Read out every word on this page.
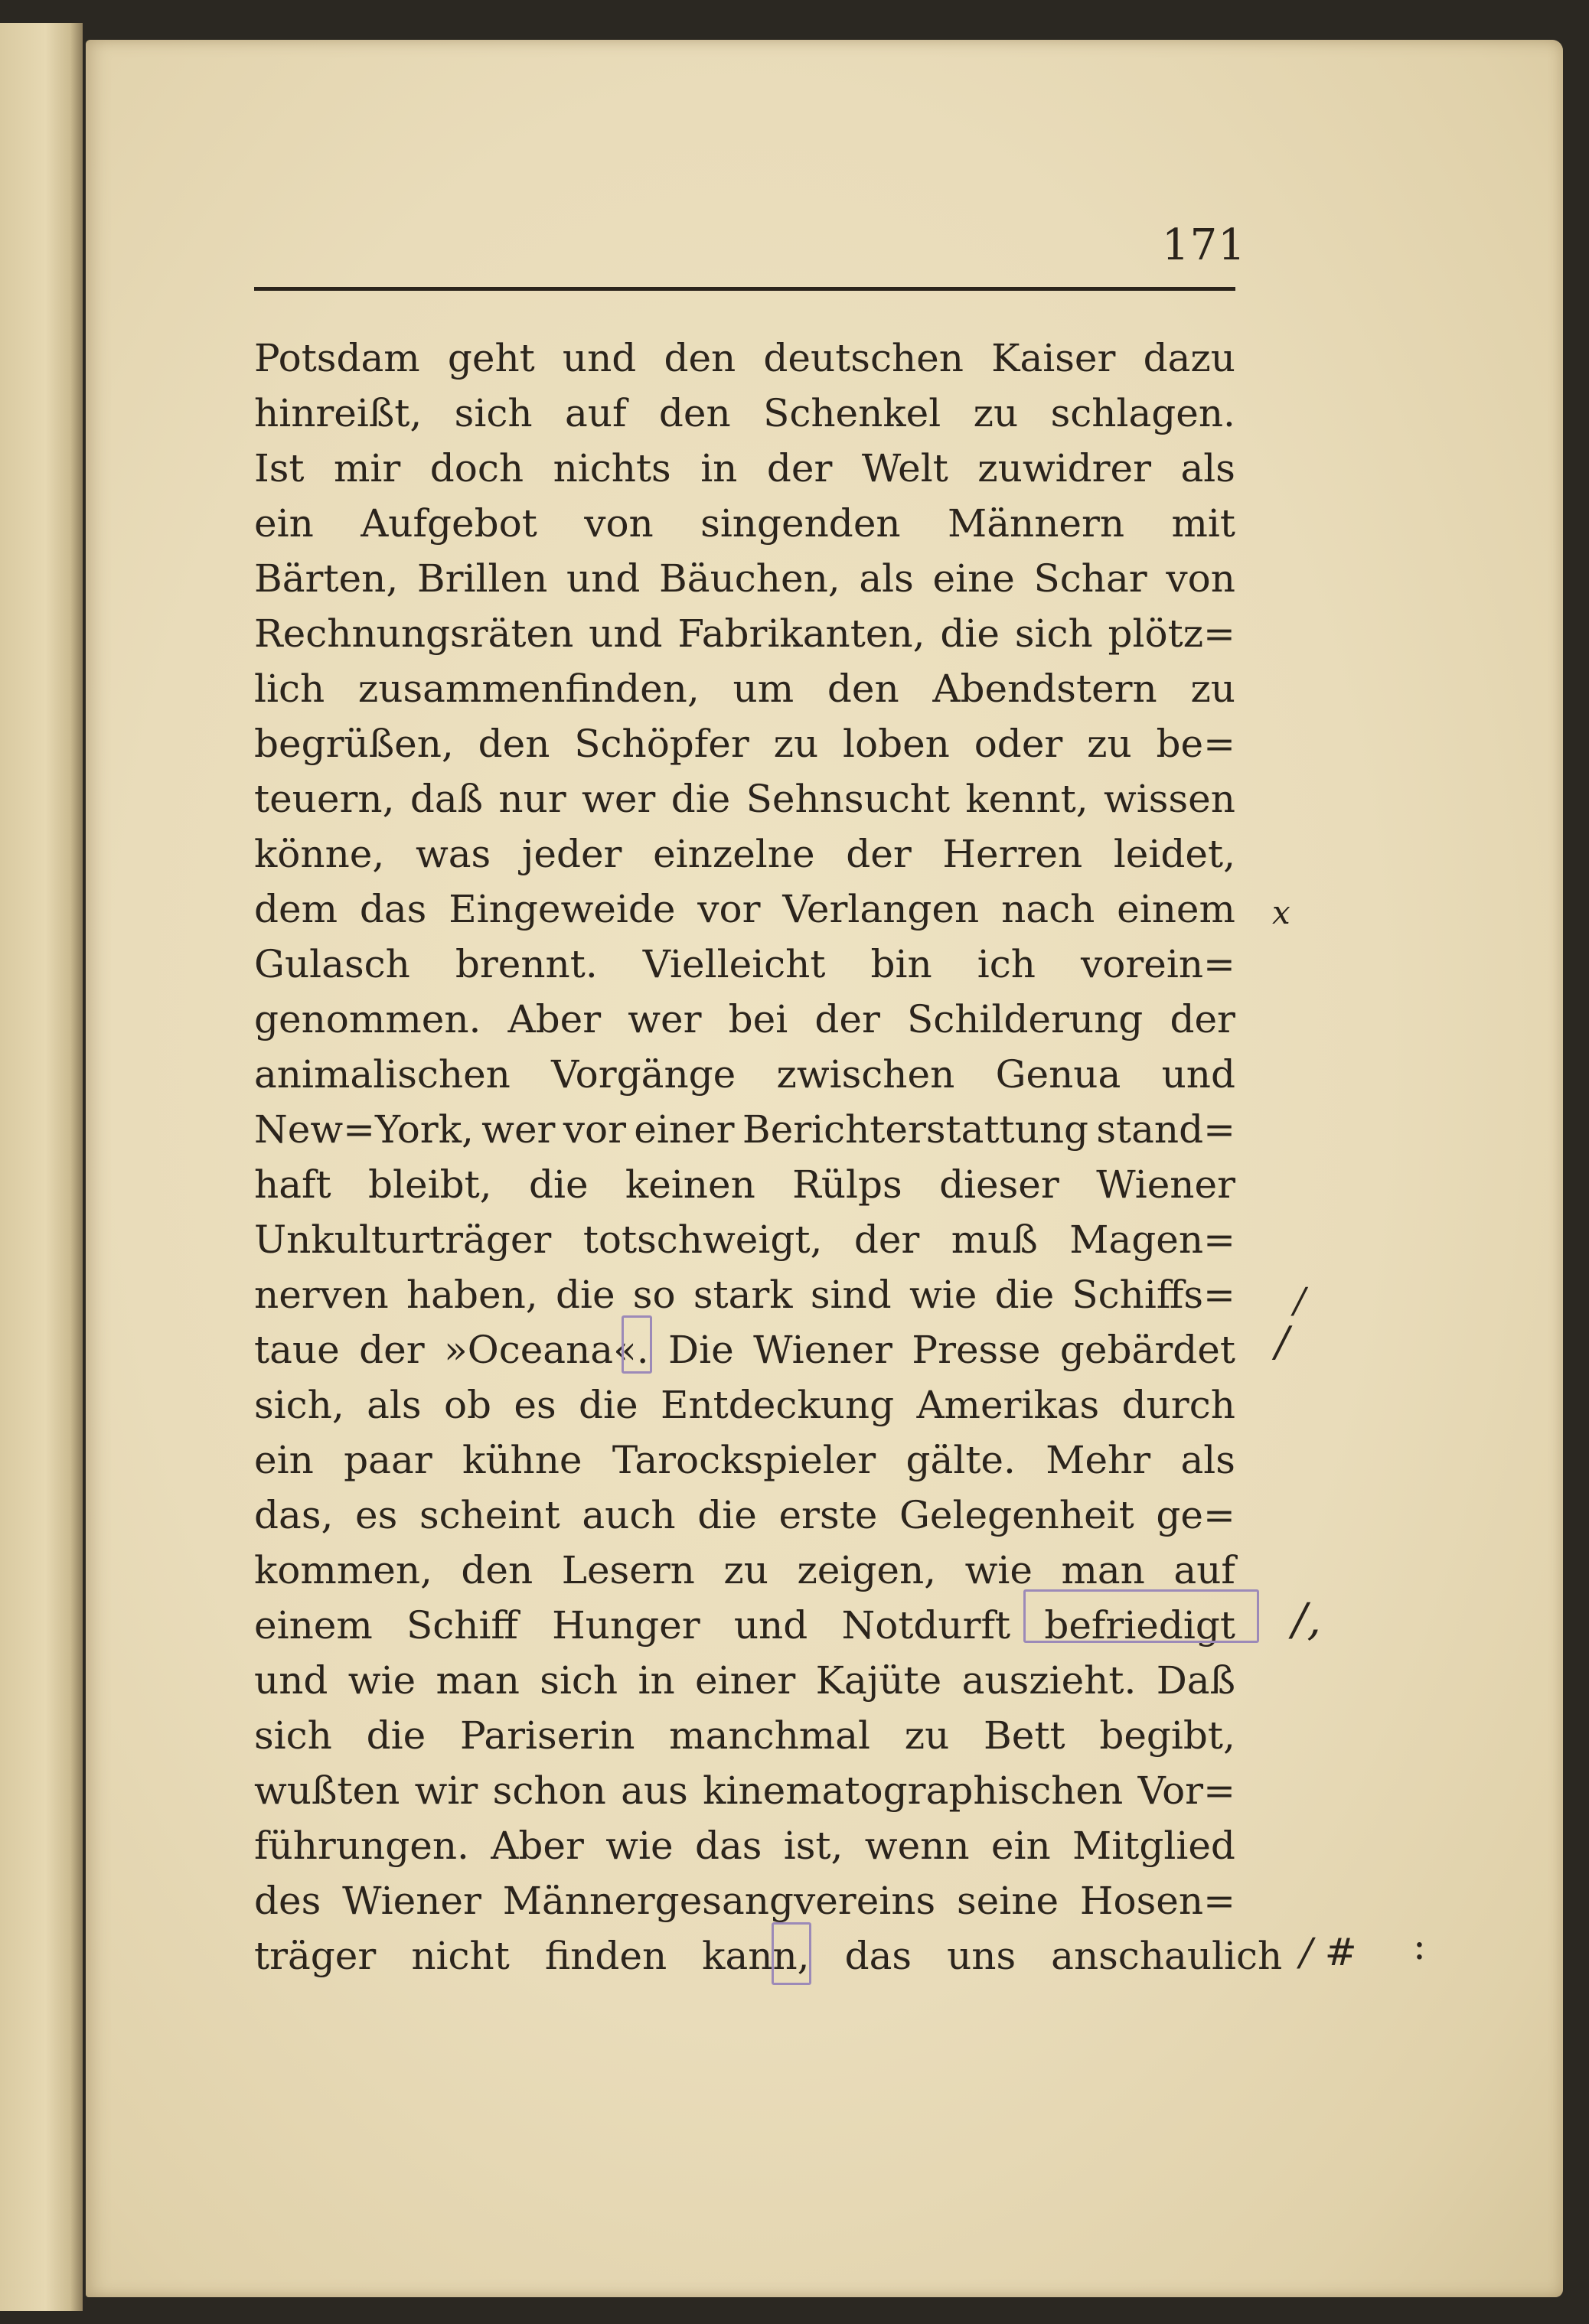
171
Potsdam geht und den deutschen Kaiser dazu
hinreißt, sich auf den Schenkel zu schlagen.
Ist mir doch nichts in der Welt zuwidrer als
ein Aufgebot von singenden Männern mit
Bärten, Brillen und Bäuchen, als eine Schar von
Rechnungsräten und Fabrikanten, die sich plötz=
lich zusammenfinden, um den Abendstern zu
begrüßen, den Schöpfer zu loben oder zu be=
teuern, daß nur wer die Sehnsucht kennt, wissen
könne, was jeder einzelne der Herren leidet,
dem das Eingeweide vor Verlangen nach einem
Gulasch brennt. Vielleicht bin ich vorein=
genommen. Aber wer bei der Schilderung der
animalischen Vorgänge zwischen Genua und
New=York, wer vor einer Berichterstattung stand=
haft bleibt, die keinen Rülps dieser Wiener
Unkulturträger totschweigt, der muß Magen=
nerven haben, die so stark sind wie die Schiffs=
taue der »Oceana«. Die Wiener Presse gebärdet
sich, als ob es die Entdeckung Amerikas durch
ein paar kühne Tarockspieler gälte. Mehr als
das, es scheint auch die erste Gelegenheit ge=
kommen, den Lesern zu zeigen, wie man auf
einem Schiff Hunger und Notdurft befriedigt
und wie man sich in einer Kajüte auszieht. Daß
sich die Pariserin manchmal zu Bett begibt,
wußten wir schon aus kinematographischen Vor=
führungen. Aber wie das ist, wenn ein Mitglied
des Wiener Männergesangvereins seine Hosen=
träger nicht finden kann, das uns anschaulich
x
/
/
/,
/ # :
